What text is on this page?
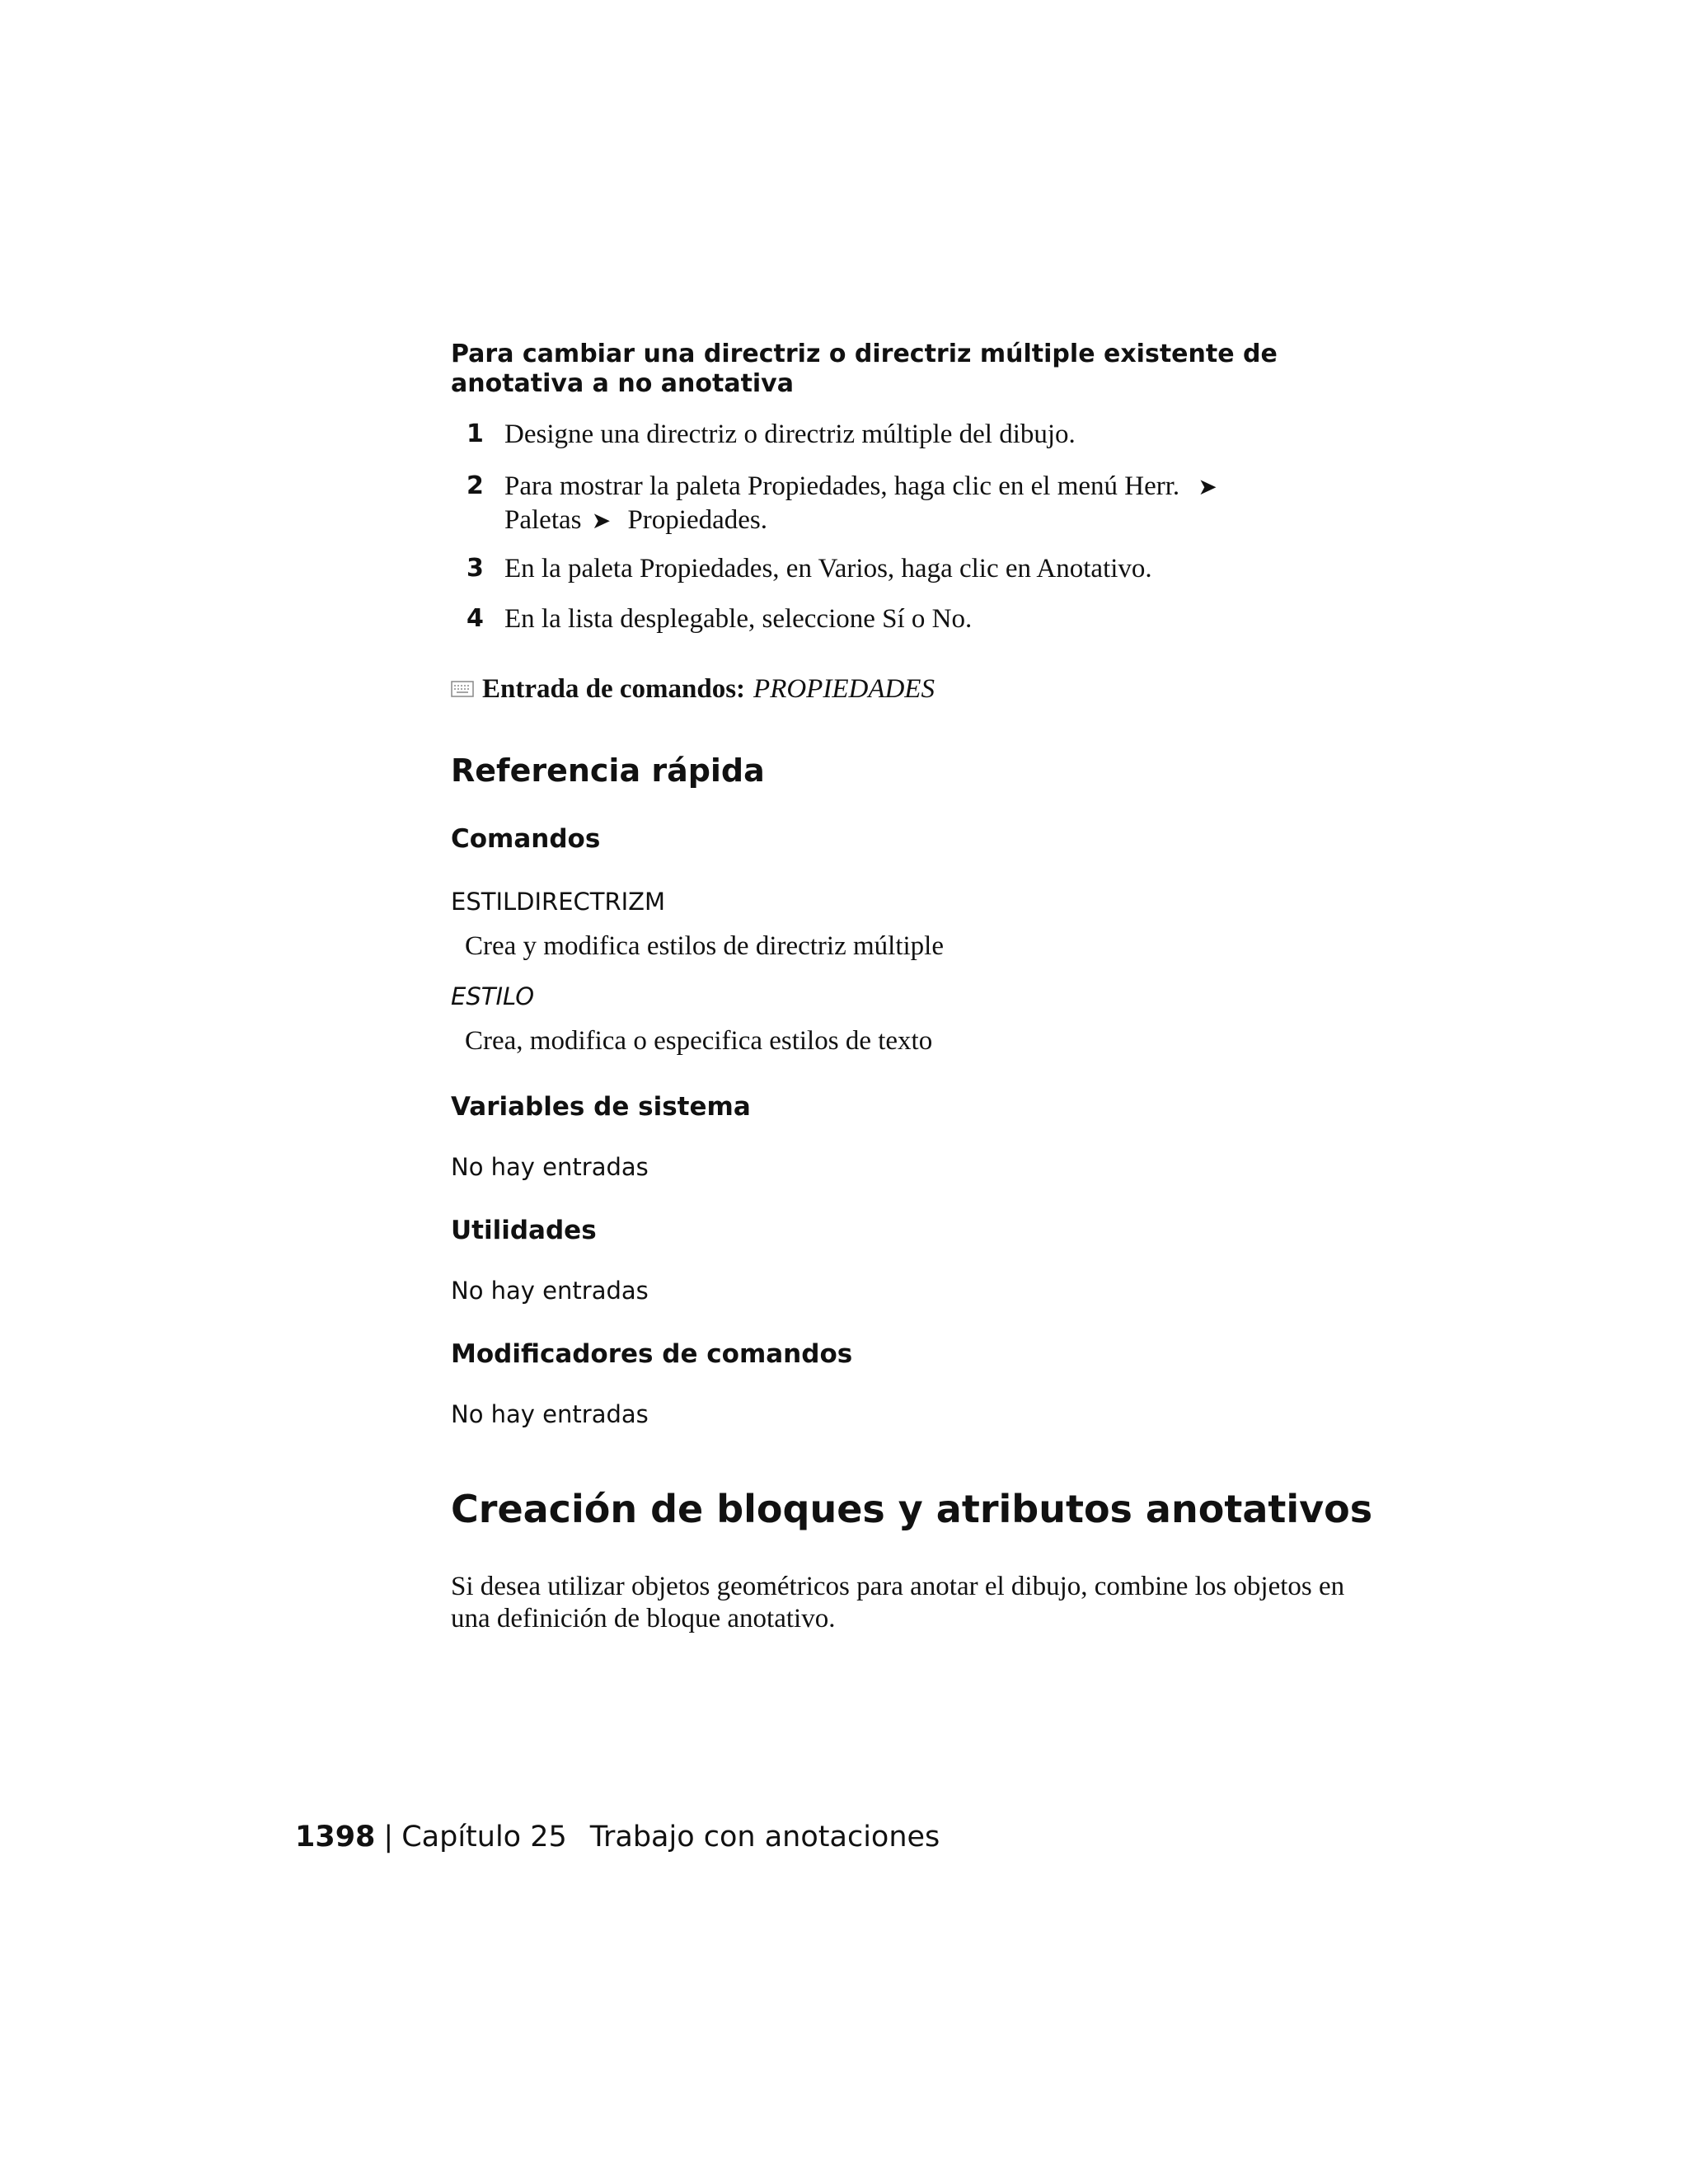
Para cambiar una directriz o directriz múltiple existente de anotativa a no anotativa
1 Designe una directriz o directriz múltiple del dibujo.
2 Para mostrar la paleta Propiedades, haga clic en el menú Herr. ➤
Paletas ➤ Propiedades.
3 En la paleta Propiedades, en Varios, haga clic en Anotativo.
4 En la lista desplegable, seleccione Sí o No.
Entrada de comandos: PROPIEDADES
Referencia rápida
Comandos
ESTILDIRECTRIZM
Crea y modifica estilos de directriz múltiple
ESTILO
Crea, modifica o especifica estilos de texto
Variables de sistema
No hay entradas
Utilidades
No hay entradas
Modificadores de comandos
No hay entradas
Creación de bloques y atributos anotativos
Si desea utilizar objetos geométricos para anotar el dibujo, combine los objetos en una definición de bloque anotativo.
1398 | Capítulo 25 Trabajo con anotaciones
